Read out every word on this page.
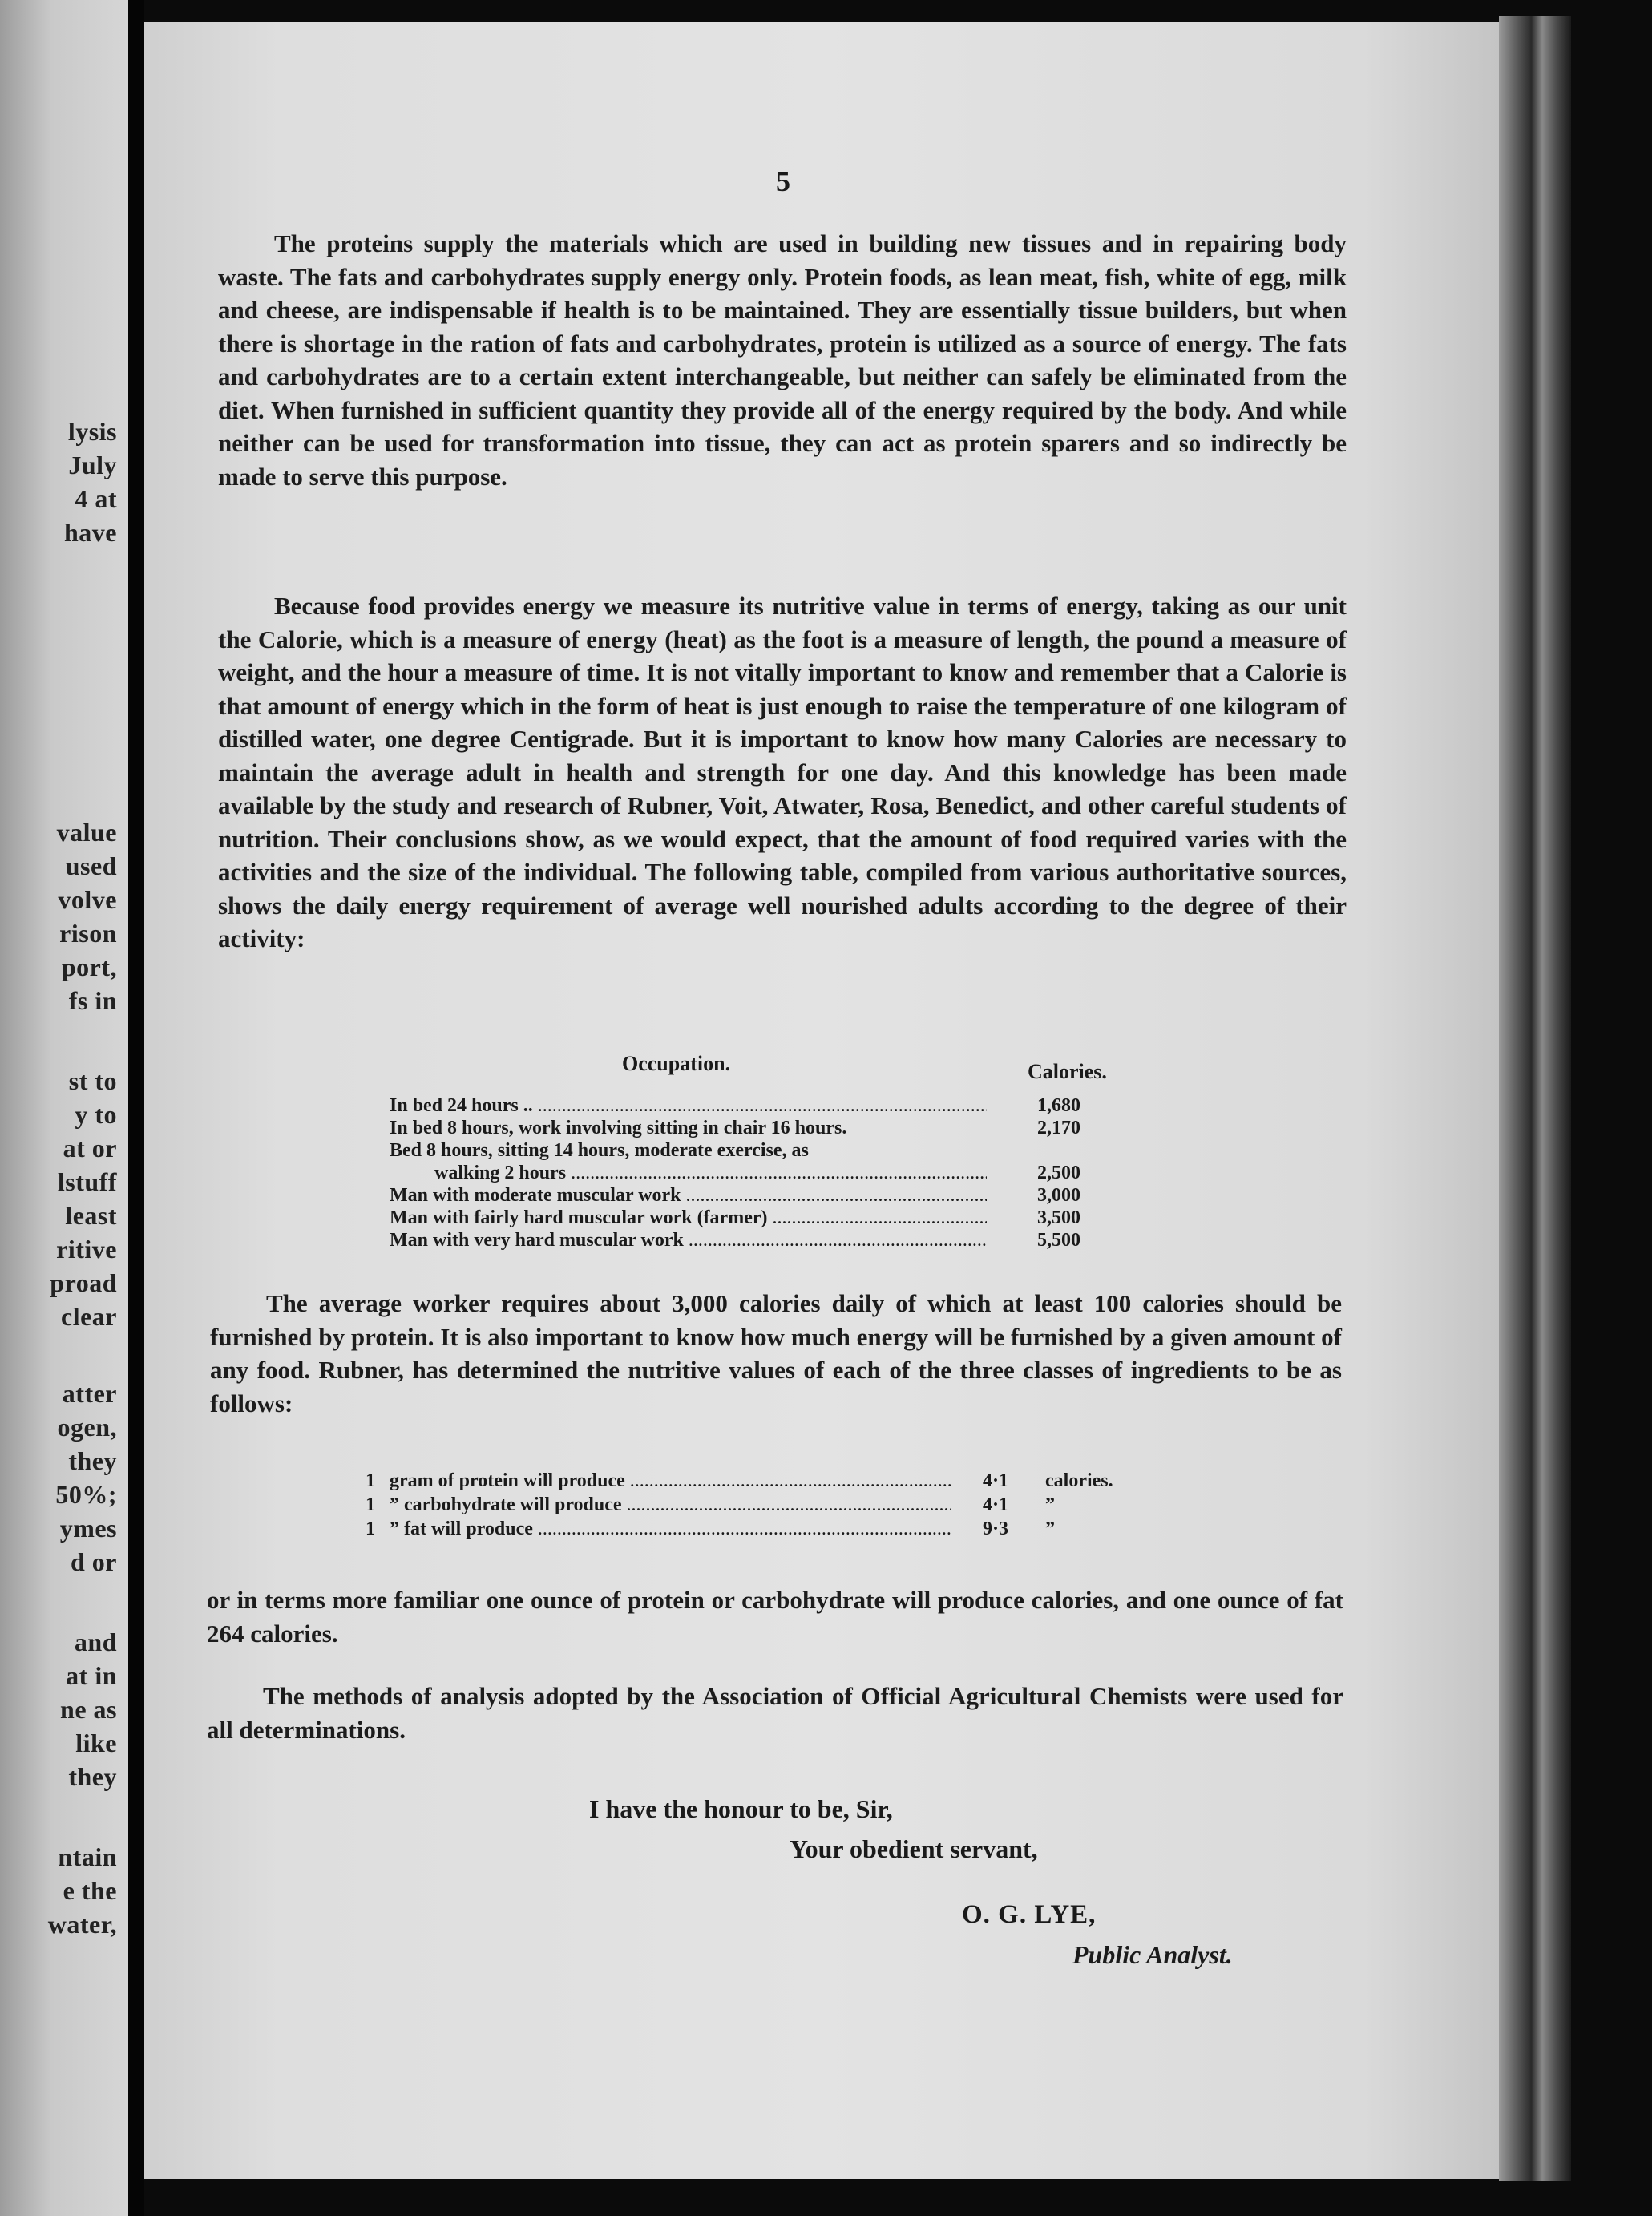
lysis
July
4 at
have
value
used
volve
rison
port,
fs in
st to
y to
at or
lstuff
least
ritive
proad
clear
atter
ogen,
they
50%;
ymes
d or
and
at in
ne as
like
they
ntain
e the
water,
5

The proteins supply the materials which are used in building new tissues and in repairing body waste. The fats and carbohydrates supply energy only. Protein foods, as lean meat, fish, white of egg, milk and cheese, are indispensable if health is to be maintained. They are essentially tissue builders, but when there is shortage in the ration of fats and carbohydrates, protein is utilized as a source of energy. The fats and carbohydrates are to a certain extent interchangeable, but neither can safely be eliminated from the diet. When furnished in sufficient quantity they provide all of the energy required by the body. And while neither can be used for transformation into tissue, they can act as protein sparers and so indirectly be made to serve this purpose.

Because food provides energy we measure its nutritive value in terms of energy, taking as our unit the Calorie, which is a measure of energy (heat) as the foot is a measure of length, the pound a measure of weight, and the hour a measure of time. It is not vitally important to know and remember that a Calorie is that amount of energy which in the form of heat is just enough to raise the temperature of one kilogram of distilled water, one degree Centigrade. But it is important to know how many Calories are necessary to maintain the average adult in health and strength for one day. And this knowledge has been made available by the study and research of Rubner, Voit, Atwater, Rosa, Benedict, and other careful students of nutrition. Their conclusions show, as we would expect, that the amount of food required varies with the activities and the size of the individual. The following table, compiled from various authoritative sources, shows the daily energy requirement of average well nourished adults according to the degree of their activity:

Occupation.	Calories.
In bed 24 hours .. .....	1,680
In bed 8 hours, work involving sitting in chair 16 hours.	2,170
Bed 8 hours, sitting 14 hours, moderate exercise, as
walking 2 hours .....	2,500
Man with moderate muscular work .....	3,000
Man with fairly hard muscular work (farmer) .....	3,500
Man with very hard muscular work .....	5,500

The average worker requires about 3,000 calories daily of which at least 100 calories should be furnished by protein. It is also important to know how much energy will be furnished by a given amount of any food. Rubner, has determined the nutritive values of each of the three classes of ingredients to be as follows:

1 gram of protein will produce .....	4·1 calories.
1 ” carbohydrate will produce .....	4·1 ”
1 ” fat will produce .....	9·3 ”

or in terms more familiar one ounce of protein or carbohydrate will produce calories, and one ounce of fat 264 calories.

The methods of analysis adopted by the Association of Official Agricultural Chemists were used for all determinations.

I have the honour to be, Sir,
Your obedient servant,
O. G. LYE,
Public Analyst.
